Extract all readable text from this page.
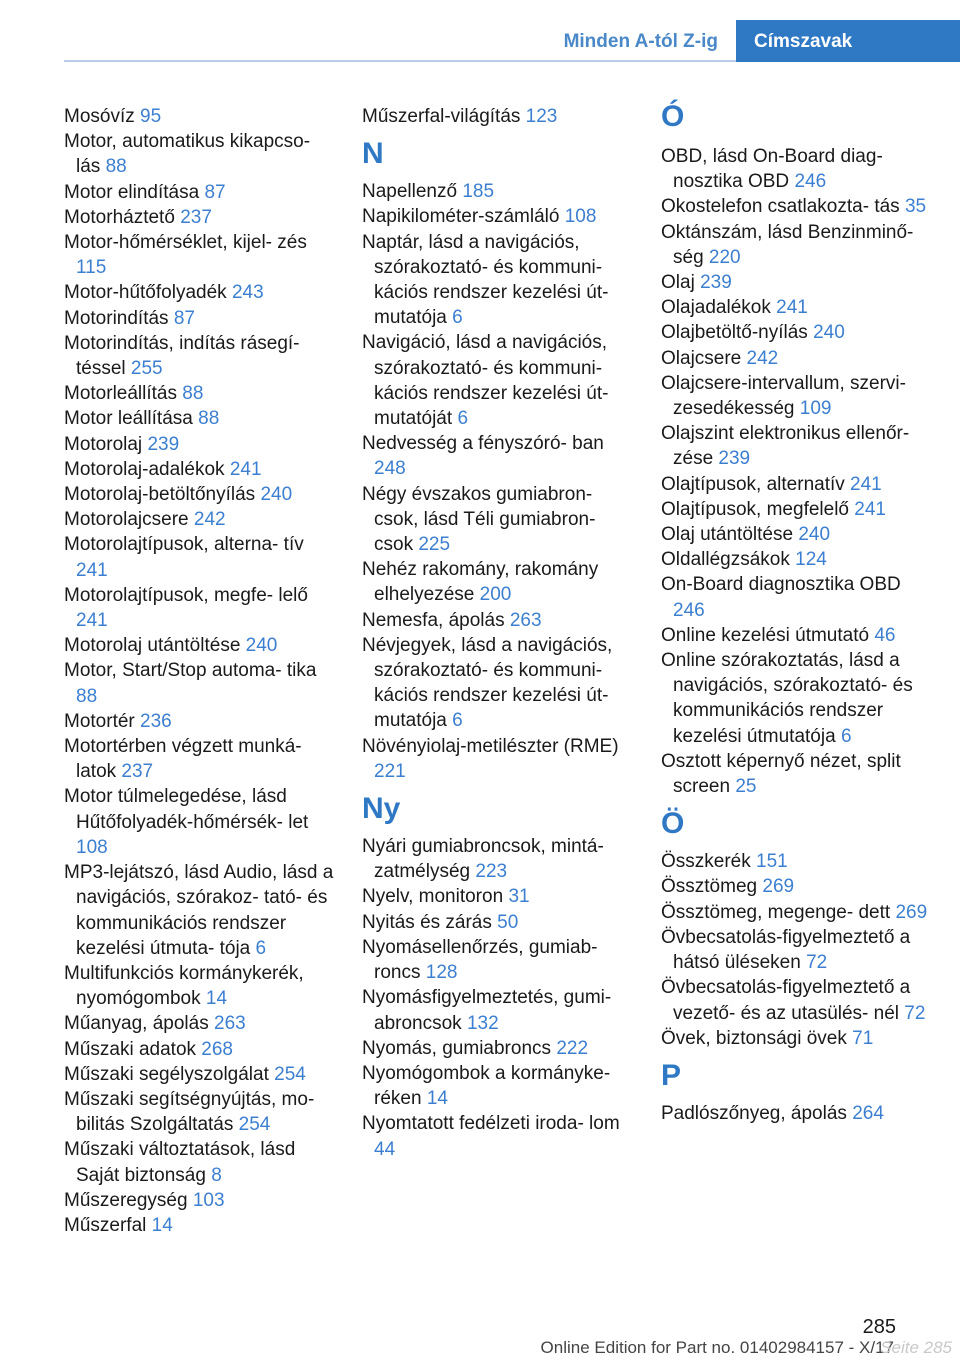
Minden A-tól Z-ig	Címszavak
Mosóvíz 95
Motor, automatikus kikapcso‐ lás 88
Motor elindítása 87
Motorháztető 237
Motor-hőmérséklet, kijel‐ zés 115
Motor-hűtőfolyadék 243
Motorindítás 87
Motorindítás, indítás rásegí‐ téssel 255
Motorleállítás 88
Motor leállítása 88
Motorolaj 239
Motorolaj-adalékok 241
Motorolaj-betöltőnyílás 240
Motorolajcsere 242
Motorolajtípusok, alterna‐ tív 241
Motorolajtípusok, megfe‐ lelő 241
Motorolaj utántöltése 240
Motor, Start/Stop automa‐ tika 88
Motortér 236
Motortérben végzett munká‐ latok 237
Motor túlmelegedése, lásd Hűtőfolyadék-hőmérsék‐ let 108
MP3-lejátszó, lásd Audio, lásd a navigációs, szórakoz‐ tató- és kommunikációs rendszer kezelési útmuta‐ tója 6
Multifunkciós kormánykerék, nyomógombok 14
Műanyag, ápolás 263
Műszaki adatok 268
Műszaki segélyszolgálat 254
Műszaki segítségnyújtás, mo‐ bilitás Szolgáltatás 254
Műszaki változtatások, lásd Saját biztonság 8
Műszeregység 103
Műszerfal 14
Műszerfal-világítás 123
N
Napellenző 185
Napikilométer-számláló 108
Naptár, lásd a navigációs, szórakoztató- és kommuni‐ kációs rendszer kezelési út‐ mutatója 6
Navigáció, lásd a navigációs, szórakoztató- és kommuni‐ kációs rendszer kezelési út‐ mutatóját 6
Nedvesség a fényszóró‐ ban 248
Négy évszakos gumiabron‐ csok, lásd Téli gumiabron‐ csok 225
Nehéz rakomány, rakomány elhelyezése 200
Nemesfa, ápolás 263
Névjegyek, lásd a navigációs, szórakoztató- és kommuni‐ kációs rendszer kezelési út‐ mutatója 6
Növényiolaj-metilészter (RME) 221
Ny
Nyári gumiabroncsok, mintá‐ zatmélység 223
Nyelv, monitoron 31
Nyitás és zárás 50
Nyomásellenőrzés, gumiab‐ roncs 128
Nyomásfigyelmeztetés, gumi‐ abroncsok 132
Nyomás, gumiabroncs 222
Nyomógombok a kormányke‐ réken 14
Nyomtatott fedélzeti iroda‐ lom 44
Ó
OBD, lásd On-Board diag‐ nosztika OBD 246
Okostelefon csatlakozta‐ tás 35
Oktánszám, lásd Benzinminő‐ ség 220
Olaj 239
Olajadalékok 241
Olajbetöltő-nyílás 240
Olajcsere 242
Olajcsere-intervallum, szervi‐ zesedékesség 109
Olajszint elektronikus ellenőr‐ zése 239
Olajtípusok, alternatív 241
Olajtípusok, megfelelő 241
Olaj utántöltése 240
Oldallégzsákok 124
On-Board diagnosztika OBD 246
Online kezelési útmutató 46
Online szórakoztatás, lásd a navigációs, szórakoztató- és kommunikációs rendszer kezelési útmutatója 6
Osztott képernyő nézet, split screen 25
Ö
Összkerék 151
Össztömeg 269
Össztömeg, megenge‐ dett 269
Övbecsatolás-figyelmeztető a hátsó üléseken 72
Övbecsatolás-figyelmeztető a vezető- és az utasülés‐ nél 72
Övek, biztonsági övek 71
P
Padlószőnyeg, ápolás 264
285
Online Edition for Part no. 01402984157 - X/17
Seite 285
